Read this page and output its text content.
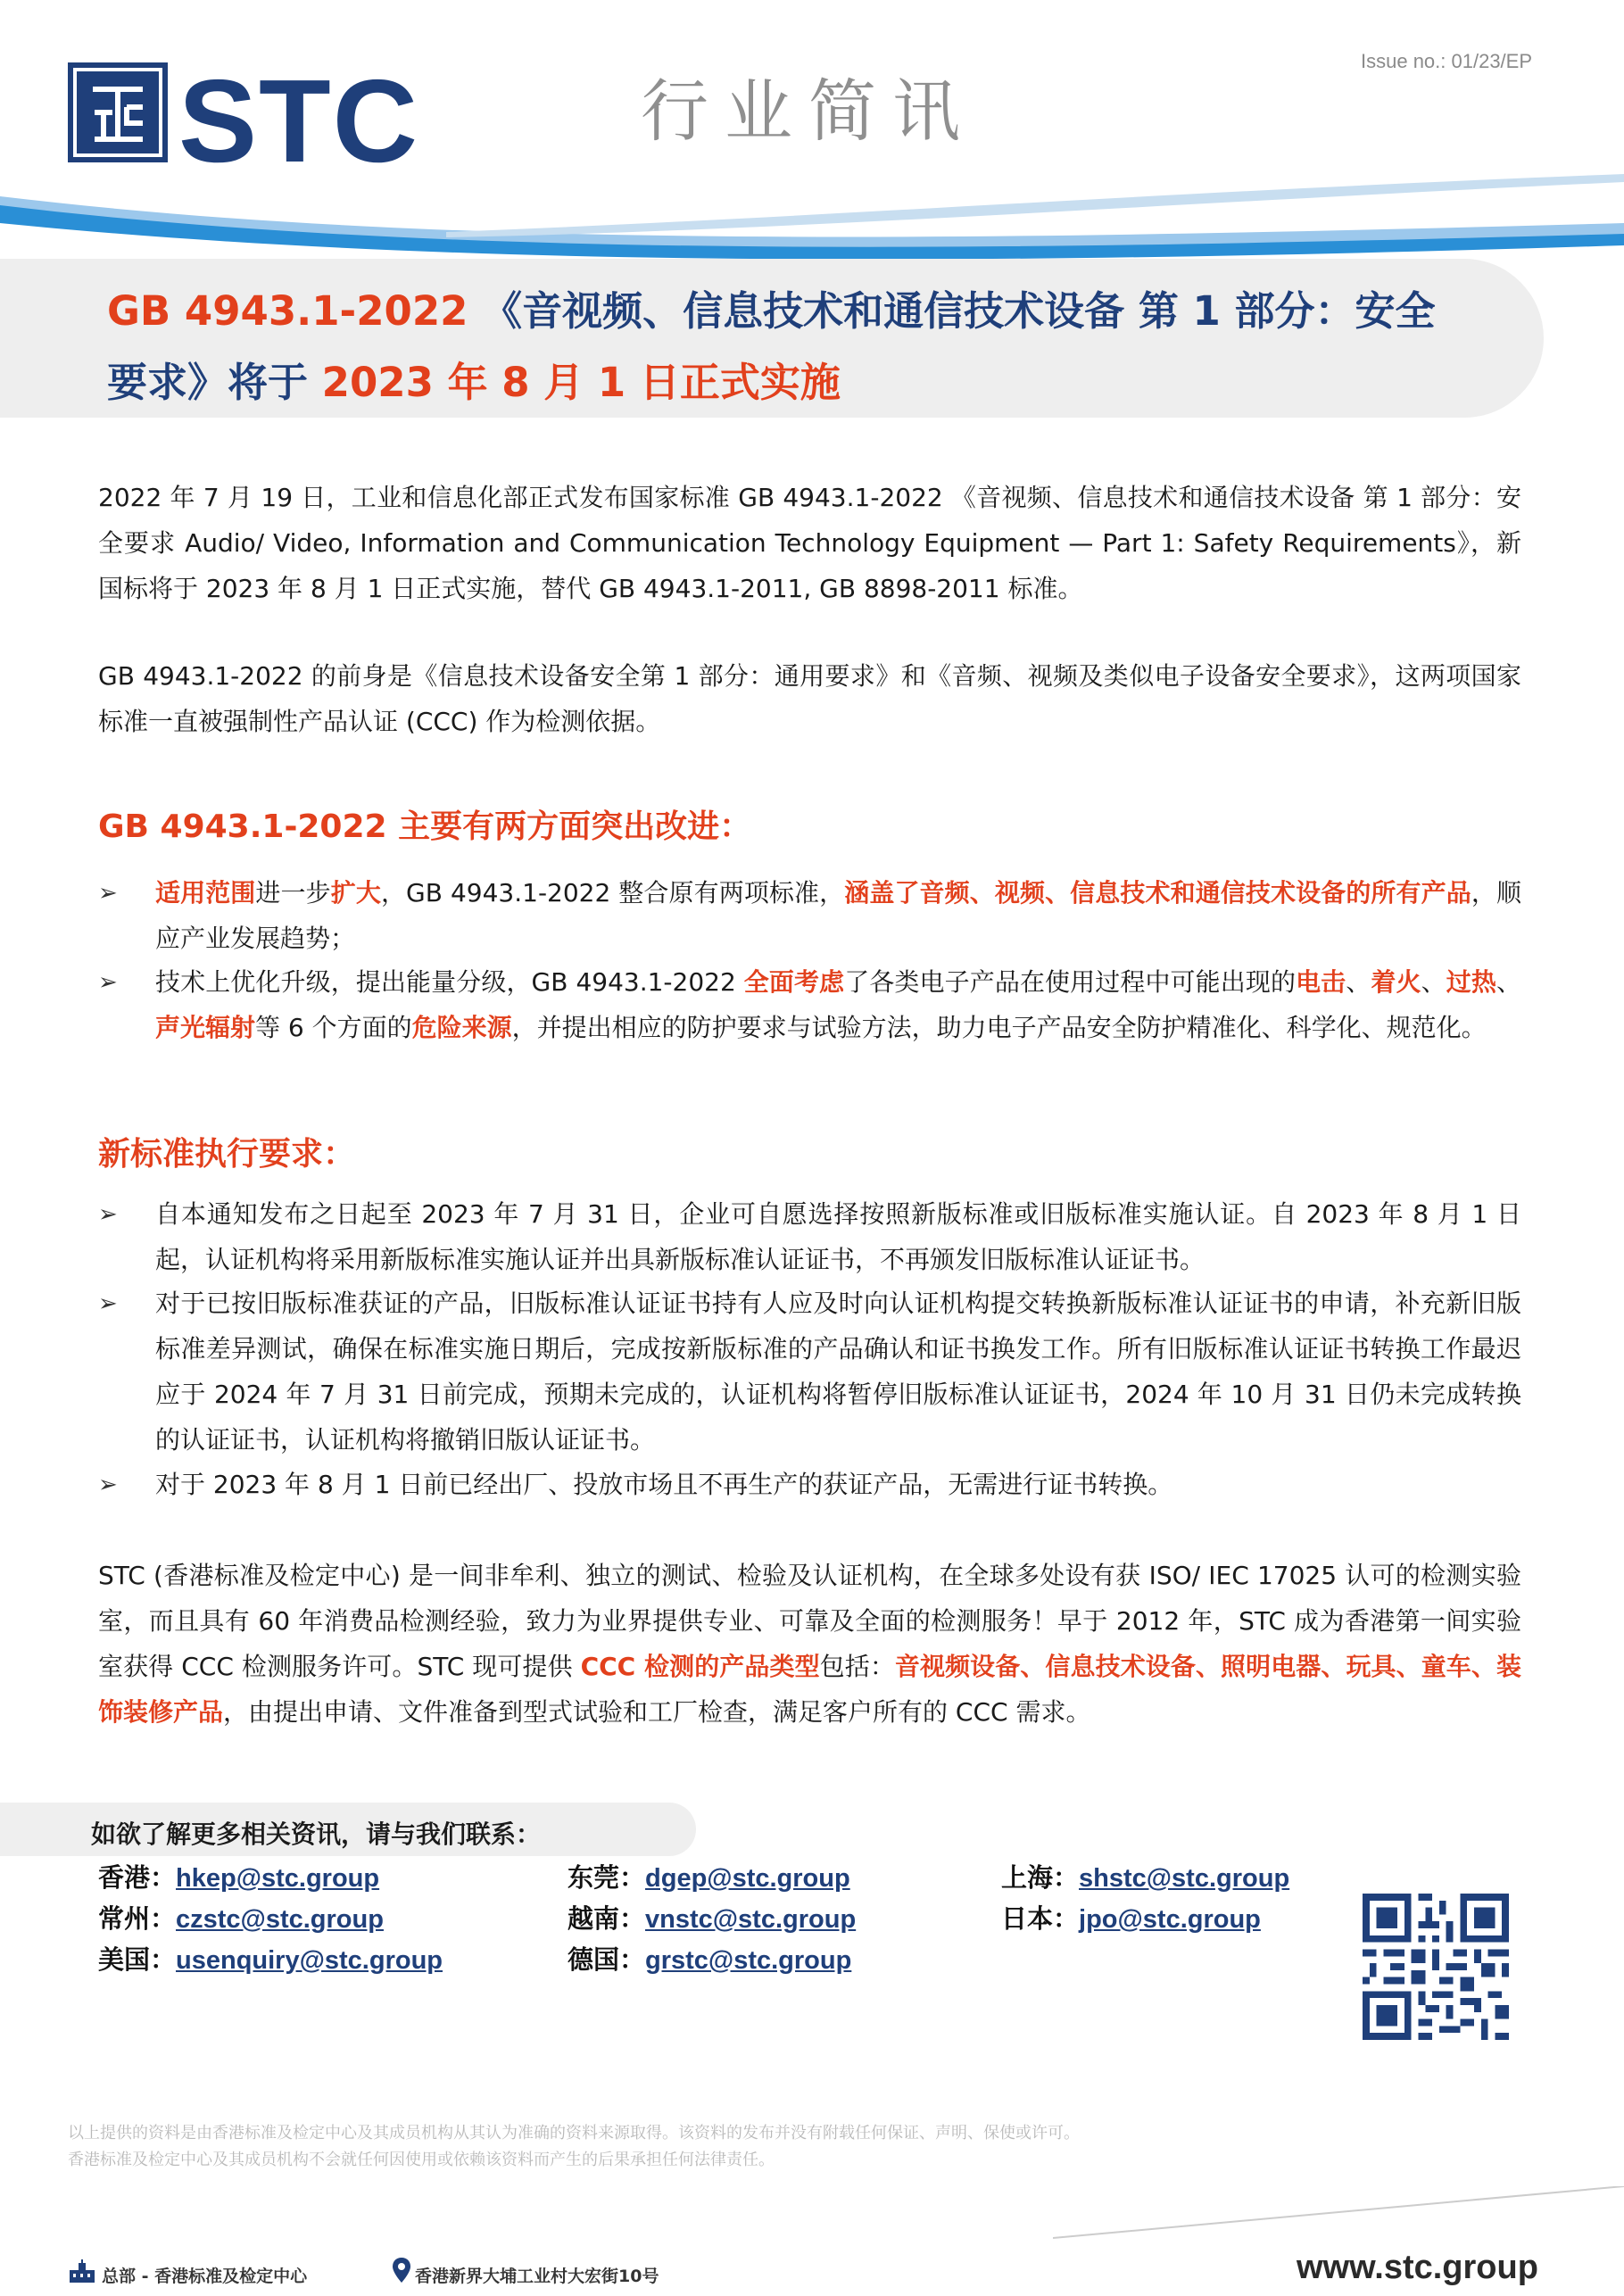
Issue no.: 01/23/EP
STC	行业简讯
GB 4943.1-2022 《音视频、信息技术和通信技术设备 第 1 部分：安全
要求》将于 2023 年 8 月 1 日正式实施
2022 年 7 月 19 日，工业和信息化部正式发布国家标准 GB 4943.1-2022 《音视频、信息技术和通信技术设备 第 1 部分：安全要求 Audio/ Video, Information and Communication Technology Equipment — Part 1: Safety Requirements》，新国标将于 2023 年 8 月 1 日正式实施，替代 GB 4943.1-2011, GB 8898-2011 标准。
GB 4943.1-2022 的前身是《信息技术设备安全第 1 部分：通用要求》和《音频、视频及类似电子设备安全要求》，这两项国家标准一直被强制性产品认证 (CCC) 作为检测依据。
GB 4943.1-2022 主要有两方面突出改进：
➢ 适用范围进一步扩大，GB 4943.1-2022 整合原有两项标准，涵盖了音频、视频、信息技术和通信技术设备的所有产品，顺应产业发展趋势；
➢ 技术上优化升级，提出能量分级，GB 4943.1-2022 全面考虑了各类电子产品在使用过程中可能出现的电击、着火、过热、声光辐射等 6 个方面的危险来源，并提出相应的防护要求与试验方法，助力电子产品安全防护精准化、科学化、规范化。
新标准执行要求：
➢ 自本通知发布之日起至 2023 年 7 月 31 日，企业可自愿选择按照新版标准或旧版标准实施认证。自 2023 年 8 月 1 日起，认证机构将采用新版标准实施认证并出具新版标准认证证书，不再颁发旧版标准认证证书。
➢ 对于已按旧版标准获证的产品，旧版标准认证证书持有人应及时向认证机构提交转换新版标准认证证书的申请，补充新旧版标准差异测试，确保在标准实施日期后，完成按新版标准的产品确认和证书换发工作。所有旧版标准认证证书转换工作最迟应于 2024 年 7 月 31 日前完成，预期未完成的，认证机构将暂停旧版标准认证证书，2024 年 10 月 31 日仍未完成转换的认证证书，认证机构将撤销旧版认证证书。
➢ 对于 2023 年 8 月 1 日前已经出厂、投放市场且不再生产的获证产品，无需进行证书转换。
STC (香港标准及检定中心) 是一间非牟利、独立的测试、检验及认证机构，在全球多处设有获 ISO/ IEC 17025 认可的检测实验室，而且具有 60 年消费品检测经验，致力为业界提供专业、可靠及全面的检测服务！早于 2012 年，STC 成为香港第一间实验室获得 CCC 检测服务许可。STC 现可提供 CCC 检测的产品类型包括：音视频设备、信息技术设备、照明电器、玩具、童车、装饰装修产品，由提出申请、文件准备到型式试验和工厂检查，满足客户所有的 CCC 需求。
如欲了解更多相关资讯，请与我们联系：
香港：hkep@stc.group	东莞：dgep@stc.group	上海：shstc@stc.group
常州：czstc@stc.group	越南：vnstc@stc.group	日本：jpo@stc.group
美国：usenquiry@stc.group	德国：grstc@stc.group
以上提供的资料是由香港标准及检定中心及其成员机构从其认为准确的资料来源取得。该资料的发布并没有附载任何保证、声明、保使或许可。
香港标准及检定中心及其成员机构不会就任何因使用或依赖该资料而产生的后果承担任何法律责任。
总部 - 香港标准及检定中心	香港新界大埔工业村大宏街10号	www.stc.group
